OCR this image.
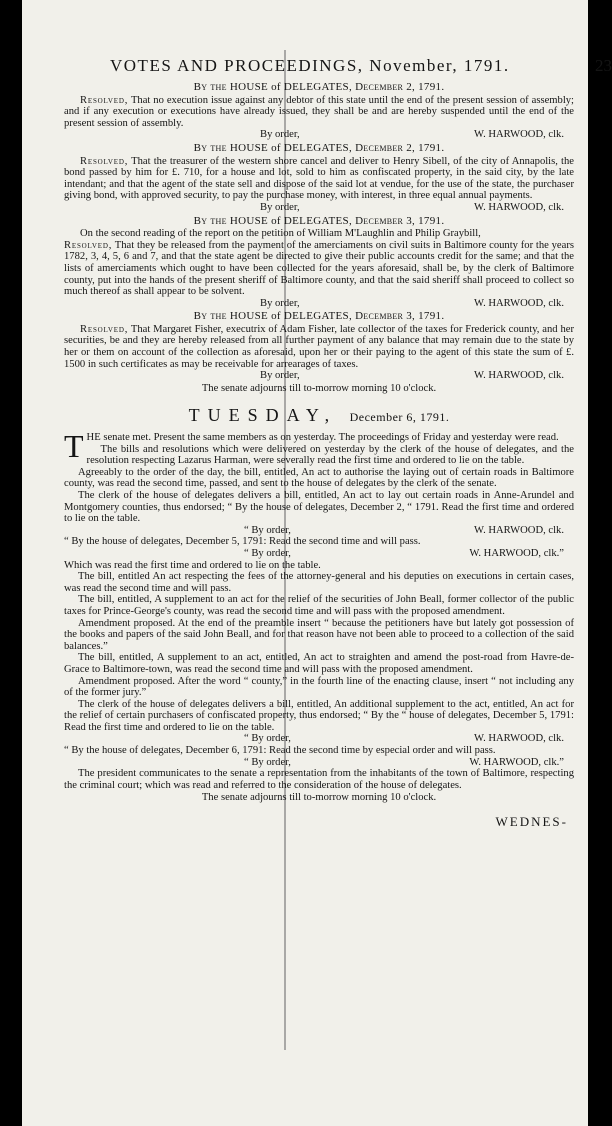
VOTES AND PROCEEDINGS, November, 1791.	23
By the HOUSE of DELEGATES, December 2, 1791.

Resolved, That no execution issue against any debtor of this state until the end of the present session of assembly; and if any execution or executions have already issued, they shall be and are hereby suspended until the end of the present session of assembly.

By order,	W. HARWOOD, clk.
By the HOUSE of DELEGATES, December 2, 1791.

Resolved, That the treasurer of the western shore cancel and deliver to Henry Sibell, of the city of Annapolis, the bond passed by him for £. 710, for a house and lot, sold to him as confiscated property, in the said city, by the late intendant; and that the agent of the state sell and dispose of the said lot at vendue, for the use of the state, the purchaser giving bond, with approved security, to pay the purchase money, with interest, in three equal annual payments.

By order,	W. HARWOOD, clk.
By the HOUSE of DELEGATES, December 3, 1791.

On the second reading of the report on the petition of William M'Laughlin and Philip Graybill,

Resolved, That they be released from the payment of the amerciaments on civil suits in Baltimore county for the years 1782, 3, 4, 5, 6 and 7, and that the state agent be directed to give their public accounts credit for the same; and that the lists of amerciaments which ought to have been collected for the years aforesaid, shall be, by the clerk of Baltimore county, put into the hands of the present sheriff of Baltimore county, and that the said sheriff shall proceed to collect so much thereof as shall appear to be solvent.

By order,	W. HARWOOD, clk.
By the HOUSE of DELEGATES, December 3, 1791.

Resolved, That Margaret Fisher, executrix of Adam Fisher, late collector of the taxes for Frederick county, and her securities, be and they are hereby released from all further payment of any balance that may remain due to the state by her or them on account of the collection as aforesaid, upon her or their paying to the agent of this state the sum of £. 1500 in such certificates as may be receivable for arrearages of taxes.

By order,	W. HARWOOD, clk.
The senate adjourns till to-morrow morning 10 o'clock.
TUESDAY, December 6, 1791.

T HE senate met. Present the same members as on yesterday. The proceedings of Friday and yesterday were read.

The bills and resolutions which were delivered on yesterday by the clerk of the house of delegates, and the resolution respecting Lazarus Harman, were severally read the first time and ordered to lie on the table.

Agreeably to the order of the day, the bill, entitled, An act to authorise the laying out of certain roads in Baltimore county, was read the second time, passed, and sent to the house of delegates by the clerk of the senate.

The clerk of the house of delegates delivers a bill, entitled, An act to lay out certain roads in Anne-Arundel and Montgomery counties, thus endorsed; “ By the house of delegates, December 2, “ 1791. Read the first time and ordered to lie on the table.

“ By order,	W. HARWOOD, clk.

“ By the house of delegates, December 5, 1791: Read the second time and will pass.

“ By order,	W. HARWOOD, clk.”

Which was read the first time and ordered to lie on the table.

The bill, entitled An act respecting the fees of the attorney-general and his deputies on executions in certain cases, was read the second time and will pass.

The bill, entitled, A supplement to an act for the relief of the securities of John Beall, former collector of the public taxes for Prince-George's county, was read the second time and will pass with the proposed amendment.

Amendment proposed. At the end of the preamble insert “ because the petitioners have but lately got possession of the books and papers of the said John Beall, and for that reason have not been able to proceed to a collection of the said balances.”

The bill, entitled, A supplement to an act, entitled, An act to straighten and amend the post-road from Havre-de-Grace to Baltimore-town, was read the second time and will pass with the proposed amendment.

Amendment proposed. After the word “ county,” in the fourth line of the enacting clause, insert “ not including any of the former jury.”

The clerk of the house of delegates delivers a bill, entitled, An additional supplement to the act, entitled, An act for the relief of certain purchasers of confiscated property, thus endorsed; “ By the “ house of delegates, December 5, 1791: Read the first time and ordered to lie on the table.

“ By order,	W. HARWOOD, clk.

“ By the house of delegates, December 6, 1791: Read the second time by especial order and will pass.

“ By order,	W. HARWOOD, clk.”

The president communicates to the senate a representation from the inhabitants of the town of Baltimore, respecting the criminal court; which was read and referred to the consideration of the house of delegates.

The senate adjourns till to-morrow morning 10 o'clock.
WEDNES-
